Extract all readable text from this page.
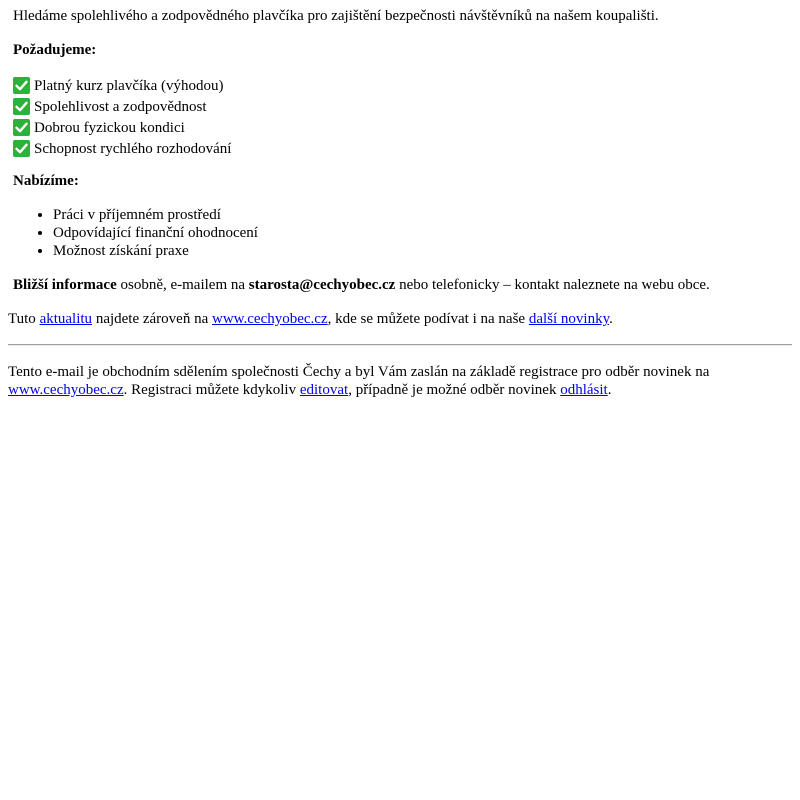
Hledáme spolehlivého a zodpovědného plavčíka pro zajištění bezpečnosti návštěvníků na našem koupališti.

Požadujeme:

Platný kurz plavčíka (výhodou)
Spolehlivost a zodpovědnost
Dobrou fyzickou kondici
Schopnost rychlého rozhodování

Nabízíme:

• Práci v příjemném prostředí
• Odpovídající finanční ohodnocení
• Možnost získání praxe

Bližší informace osobně, e-mailem na starosta@cechyobec.cz nebo telefonicky – kontakt naleznete na webu obce.

Tuto aktualitu najdete zároveň na www.cechyobec.cz, kde se můžete podívat i na naše další novinky.

Tento e-mail je obchodním sdělením společnosti Čechy a byl Vám zaslán na základě registrace pro odběr novinek na www.cechyobec.cz. Registraci můžete kdykoliv editovat, případně je možné odběr novinek odhlásit.
